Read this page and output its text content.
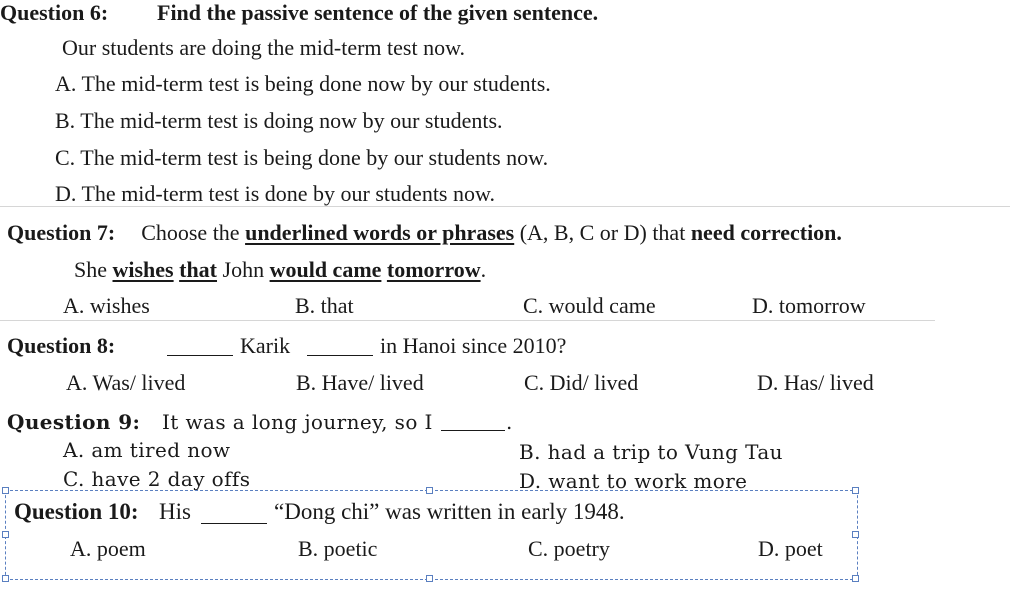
Question 6: Find the passive sentence of the given sentence.
Our students are doing the mid-term test now.
A. The mid-term test is being done now by our students.
B. The mid-term test is doing now by our students.
C. The mid-term test is being done by our students now.
D. The mid-term test is done by our students now.
Question 7: Choose the underlined words or phrases (A, B, C or D) that need correction.
She wishes that John would came tomorrow.
A. wishes	B. that	C. would came	D. tomorrow
Question 8:	Karik	in Hanoi since 2010?
A. Was/ lived	B. Have/ lived	C. Did/ lived	D. Has/ lived
Question 9: It was a long journey, so I	.
A. am tired now	B. had a trip to Vung Tau
C. have 2 day offs	D. want to work more
Question 10: His	“Dong chi” was written in early 1948.
A. poem	B. poetic	C. poetry	D. poet
